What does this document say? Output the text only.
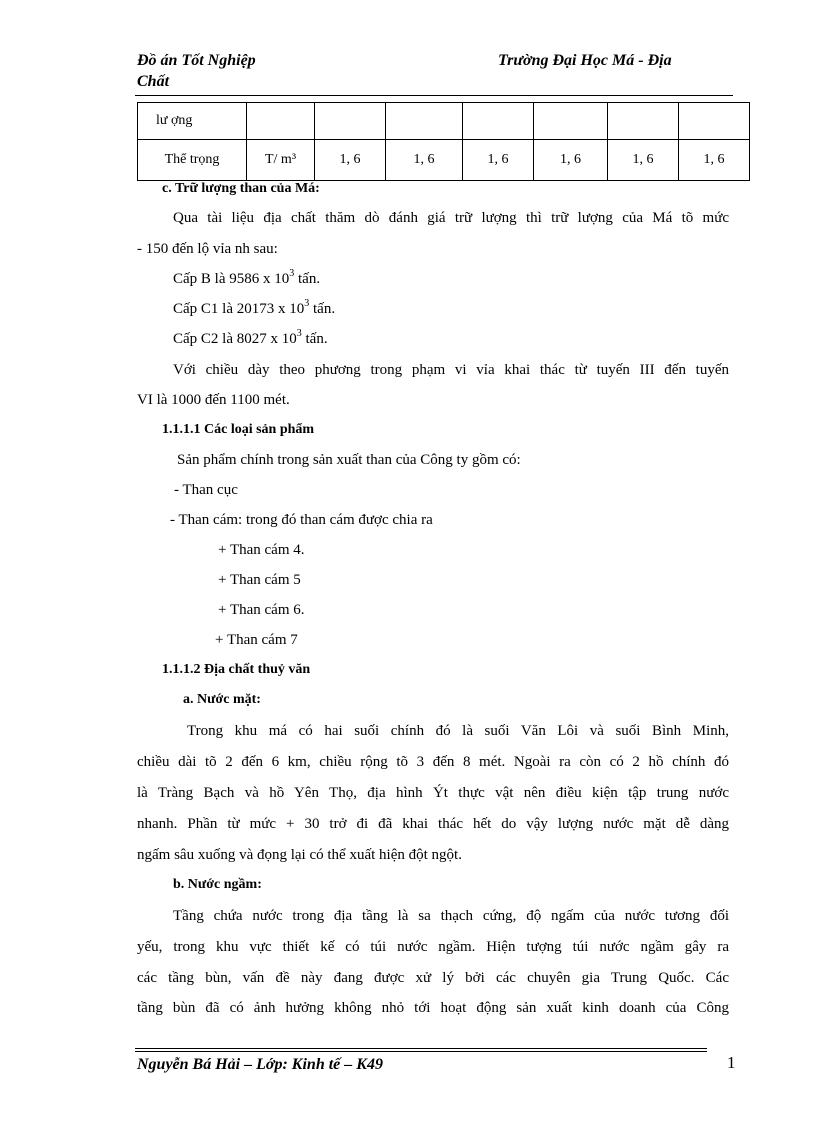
Đồ án Tốt Nghiệp
Chất
Trường Đại Học Má - Địa
lư ợng							
Thể trọng	T/ m³	1, 6	1, 6	1, 6	1, 6	1, 6	1, 6
c. Trữ lượng than của Má:
Qua tài liệu địa chất thăm dò đánh giá trữ lượng thì trữ lượng của Má tõ mức
- 150 đến lộ vỉa nh sau:
Cấp B là 9586 x $10^3$ tấn.
Cấp C1 là 20173 x $10^3$ tấn.
Cấp C2 là 8027 x $10^3$ tấn.
Với chiều dày theo phương trong phạm vi vỉa khai thác từ tuyến III đến tuyến
VI là 1000 đến 1100 mét.
1.1.1.1 Các loại sản phẩm
Sản phẩm chính trong sản xuất than của Công ty gồm có:
- Than cục
- Than cám: trong đó than cám được chia ra
+ Than cám 4.
+ Than cám 5
+ Than cám 6.
+ Than cám 7
1.1.1.2 Địa chất thuỷ văn
a. Nước mặt:
Trong khu má có hai suối chính đó là suối Văn Lôi và suối Bình Minh,
chiều dài tõ 2 đến 6 km, chiều rộng tõ 3 đến 8 mét. Ngoài ra còn có 2 hồ chính đó
là Tràng Bạch và hồ Yên Thọ, địa hình Ýt thực vật nên điều kiện tập trung nước
nhanh. Phần từ mức + 30 trở đi đã khai thác hết do vậy lượng nước mặt dễ dàng
ngấm sâu xuống và đọng lại có thể xuất hiện đột ngột.
b. Nước ngầm:
Tầng chứa nước trong địa tầng là sa thạch cứng, độ ngấm của nước tương đối
yếu, trong khu vực thiết kế có túi nước ngầm. Hiện tượng túi nước ngầm gây ra
các tầng bùn, vấn đề này đang được xử lý bởi các chuyên gia Trung Quốc. Các
tầng bùn đã có ảnh hưởng không nhỏ tới hoạt động sản xuất kinh doanh của Công
Nguyễn Bá Hải – Lớp: Kinh tế – K49	1
